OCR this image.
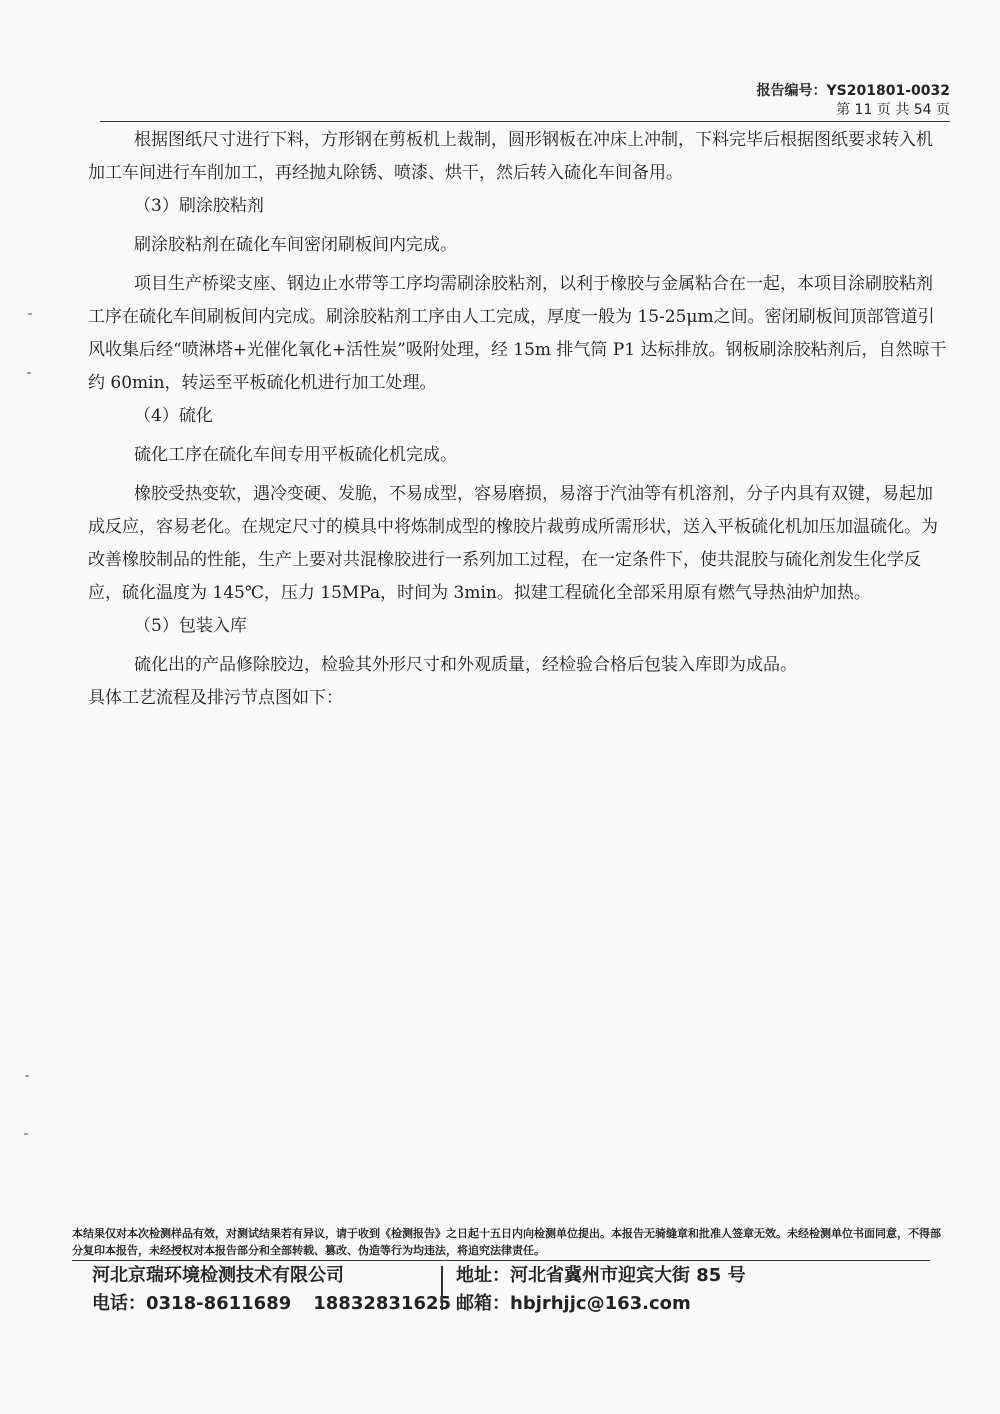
报告编号：YS201801-0032
第 11 页 共 54 页

根据图纸尺寸进行下料，方形钢在剪板机上裁制，圆形钢板在冲床上冲制，下料完毕后根据图纸要求转入机加工车间进行车削加工，再经抛丸除锈、喷漆、烘干，然后转入硫化车间备用。

（3）刷涂胶粘剂

刷涂胶粘剂在硫化车间密闭刷板间内完成。

项目生产桥梁支座、钢边止水带等工序均需刷涂胶粘剂，以利于橡胶与金属粘合在一起，本项目涂刷胶粘剂工序在硫化车间刷板间内完成。刷涂胶粘剂工序由人工完成，厚度一般为 15-25μm之间。密闭刷板间顶部管道引风收集后经“喷淋塔+光催化氧化+活性炭”吸附处理，经 15m 排气筒 P1 达标排放。钢板刷涂胶粘剂后，自然晾干约 60min，转运至平板硫化机进行加工处理。

（4）硫化

硫化工序在硫化车间专用平板硫化机完成。

橡胶受热变软，遇冷变硬、发脆，不易成型，容易磨损，易溶于汽油等有机溶剂，分子内具有双键，易起加成反应，容易老化。在规定尺寸的模具中将炼制成型的橡胶片裁剪成所需形状，送入平板硫化机加压加温硫化。为改善橡胶制品的性能，生产上要对共混橡胶进行一系列加工过程，在一定条件下，使共混胶与硫化剂发生化学反应，硫化温度为 145℃，压力 15MPa，时间为 3min。拟建工程硫化全部采用原有燃气导热油炉加热。

（5）包装入库

硫化出的产品修除胶边，检验其外形尺寸和外观质量，经检验合格后包装入库即为成品。

具体工艺流程及排污节点图如下：

本结果仅对本次检测样品有效，对测试结果若有异议，请于收到《检测报告》之日起十五日内向检测单位提出。本报告无骑缝章和批准人签章无效。未经检测单位书面同意，不得部分复印本报告，未经授权对本报告部分和全部转载、篡改、伪造等行为均违法，将追究法律责任。
河北京瑞环境检测技术有限公司
电话：0318-8611689 18832831625
地址：河北省冀州市迎宾大街 85 号
邮箱：hbjrhjjc@163.com
